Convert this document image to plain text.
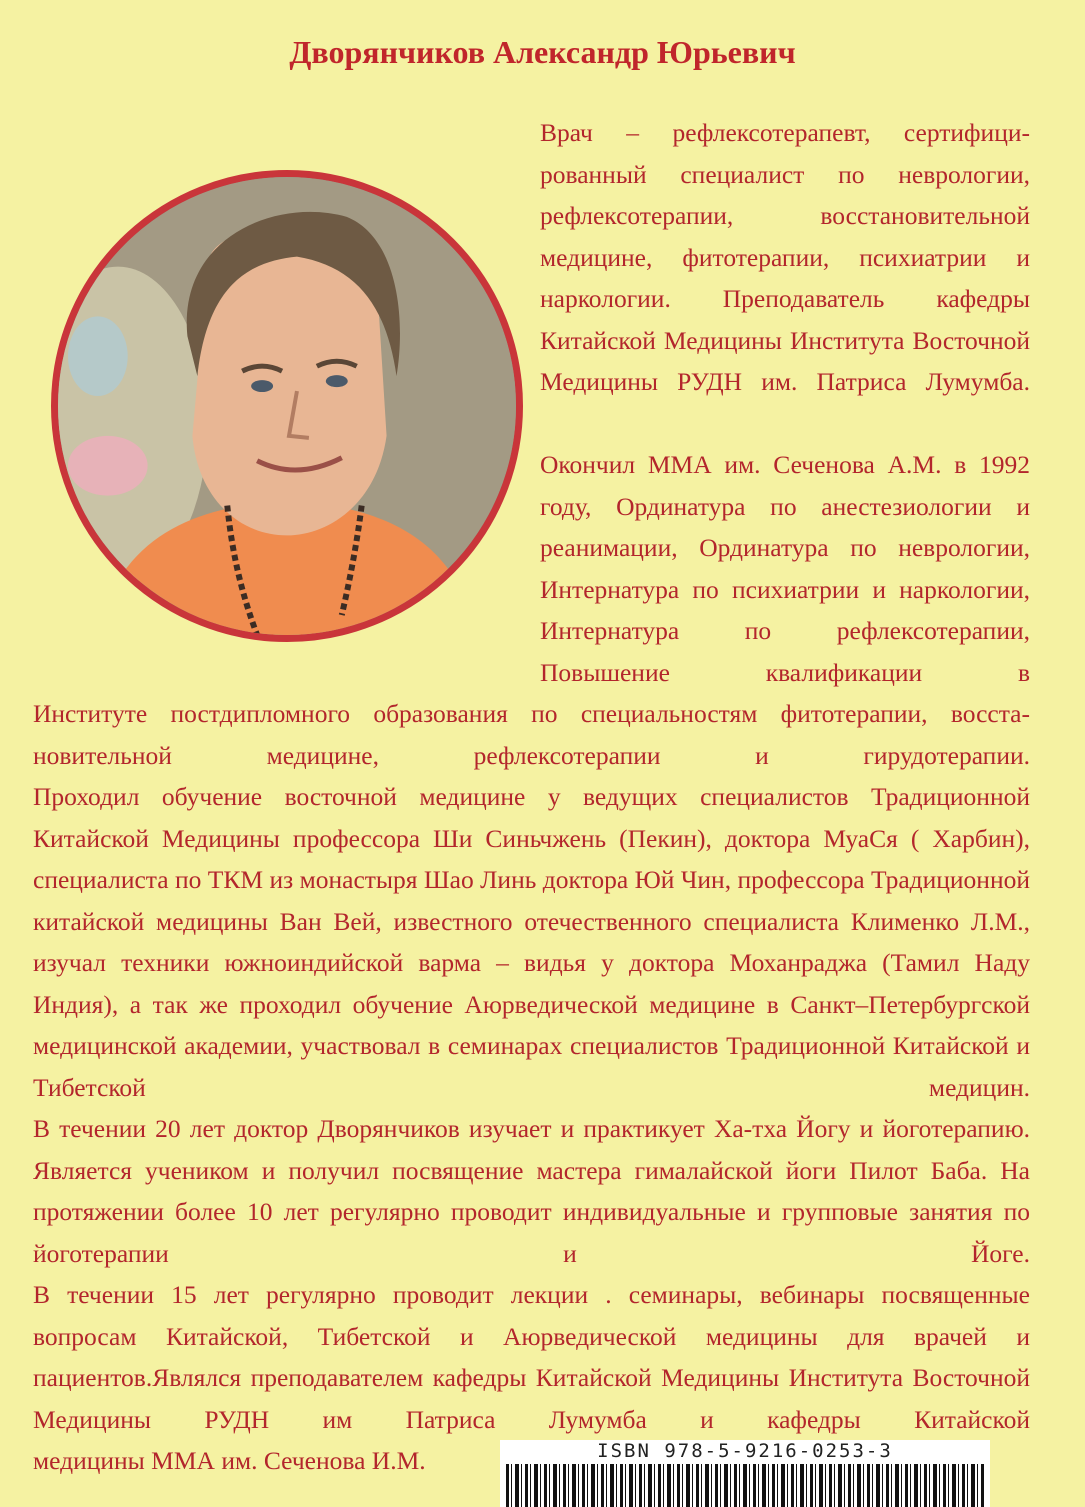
Дворянчиков Александр Юрьевич

Врач – рефлексотерапевт, сертифицированный специалист по неврологии, рефлексотерапии, восстановительной медицине, фитотерапии, психиатрии и наркологии. Преподаватель кафедры Китайской Медицины Института Восточной Медицины РУДН им. Патриса Лумумба.

Окончил ММА им. Сеченова А.М. в 1992 году, Ординатура по анестезиологии и реанимации, Ординатура по неврологии, Интернатура по психиатрии и наркологии, Интернатура по рефлексотерапии, Повышение квалификации в

Институте постдипломного образования по специальностям фитотерапии, восстановительной медицине, рефлексотерапии и гирудотерапии.

Проходил обучение восточной медицине у ведущих специалистов Традиционной Китайской Медицины профессора Ши Синьчжень (Пекин), доктора МуаСя ( Харбин), специалиста по ТКМ из монастыря Шао Линь доктора Юй Чин, профессора Традиционной китайской медицины Ван Вей, известного отечественного специалиста Клименко Л.М., изучал техники южноиндийской варма – видья у доктора Моханраджа (Тамил Наду Индия), а так же проходил обучение Аюрведической медицине в Санкт–Петербургской медицинской академии, участвовал в семинарах специалистов Традиционной Китайской и Тибетской медицин.

В течении 20 лет доктор Дворянчиков изучает и практикует Ха-тха Йогу и йоготерапию. Является учеником и получил посвящение мастера гималайской йоги Пилот Баба. На протяжении более 10 лет регулярно проводит индивидуальные и групповые занятия по йоготерапии и Йоге.

В течении 15 лет регулярно проводит лекции . семинары, вебинары посвященные вопросам Китайской, Тибетской и Аюрведической медицины для врачей и пациентов.Являлся преподавателем кафедры Китайской Медицины Института Восточной Медицины РУДН им Патриса Лумумба и кафедры Китайской

медицины ММА им. Сеченова И.М.	ISBN 978-5-9216-0253-3
